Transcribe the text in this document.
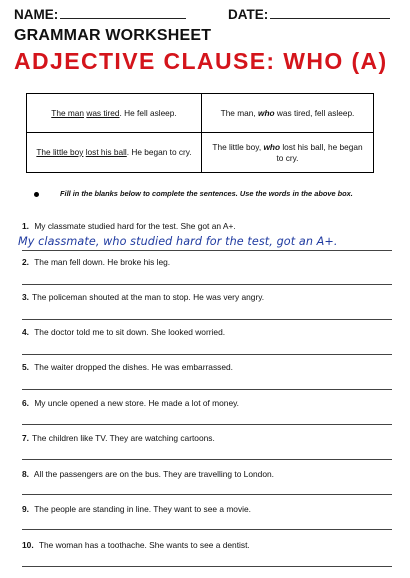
NAME:	DATE:
GRAMMAR WORKSHEET
ADJECTIVE CLAUSE: WHO (A)
The man was tired. He fell asleep.	The man, who was tired, fell asleep.
The little boy lost his ball. He began to cry.
The little boy, who lost his ball, he began to cry.
Fill in the blanks below to complete the sentences. Use the words in the above box.
1. My classmate studied hard for the test. She got an A+.
My classmate, who studied hard for the test, got an A+.
2. The man fell down. He broke his leg.
3. The policeman shouted at the man to stop. He was very angry.
4. The doctor told me to sit down. She looked worried.
5. The waiter dropped the dishes. He was embarrassed.
6. My uncle opened a new store. He made a lot of money.
7. The children like TV. They are watching cartoons.
8. All the passengers are on the bus. They are travelling to London.
9. The people are standing in line. They want to see a movie.
10. The woman has a toothache. She wants to see a dentist.
